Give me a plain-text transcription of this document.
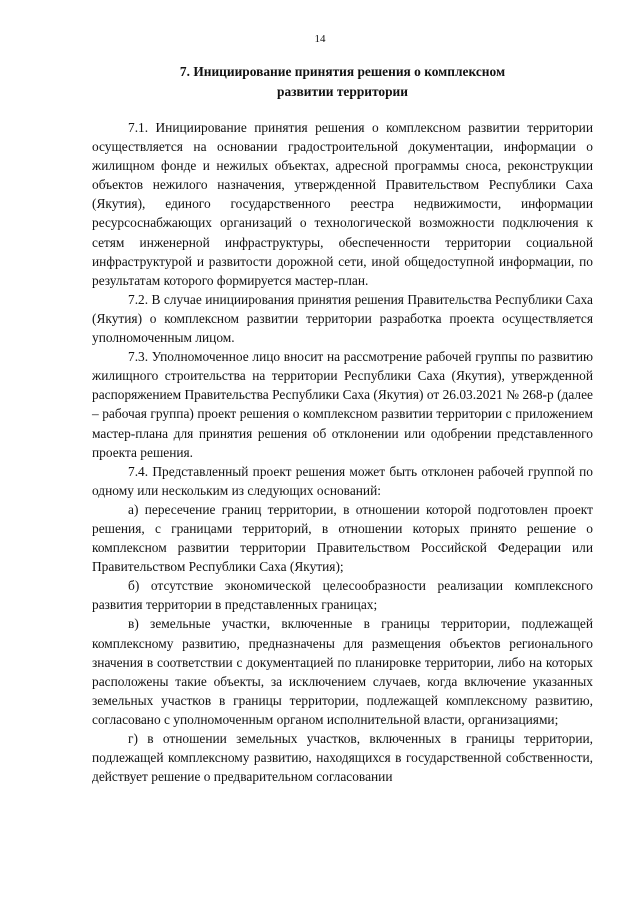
14
7. Инициирование принятия решения о комплексном
развитии территории

7.1. Инициирование принятия решения о комплексном развитии территории осуществляется на основании градостроительной документации, информации о жилищном фонде и нежилых объектах, адресной программы сноса, реконструкции объектов нежилого назначения, утвержденной Правительством Республики Саха (Якутия), единого государственного реестра недвижимости, информации ресурсоснабжающих организаций о технологической возможности подключения к сетям инженерной инфраструктуры, обеспеченности территории социальной инфраструктурой и развитости дорожной сети, иной общедоступной информации, по результатам которого формируется мастер-план.

7.2. В случае инициирования принятия решения Правительства Республики Саха (Якутия) о комплексном развитии территории разработка проекта осуществляется уполномоченным лицом.

7.3. Уполномоченное лицо вносит на рассмотрение рабочей группы по развитию жилищного строительства на территории Республики Саха (Якутия), утвержденной распоряжением Правительства Республики Саха (Якутия) от 26.03.2021 № 268-р (далее – рабочая группа) проект решения о комплексном развитии территории с приложением мастер-плана для принятия решения об отклонении или одобрении представленного проекта решения.

7.4. Представленный проект решения может быть отклонен рабочей группой по одному или нескольким из следующих оснований:

а) пересечение границ территории, в отношении которой подготовлен проект решения, с границами территорий, в отношении которых принято решение о комплексном развитии территории Правительством Российской Федерации или Правительством Республики Саха (Якутия);

б) отсутствие экономической целесообразности реализации комплексного развития территории в представленных границах;

в) земельные участки, включенные в границы территории, подлежащей комплексному развитию, предназначены для размещения объектов регионального значения в соответствии с документацией по планировке территории, либо на которых расположены такие объекты, за исключением случаев, когда включение указанных земельных участков в границы территории, подлежащей комплексному развитию, согласовано с уполномоченным органом исполнительной власти, организациями;

г) в отношении земельных участков, включенных в границы территории, подлежащей комплексному развитию, находящихся в государственной собственности, действует решение о предварительном согласовании
